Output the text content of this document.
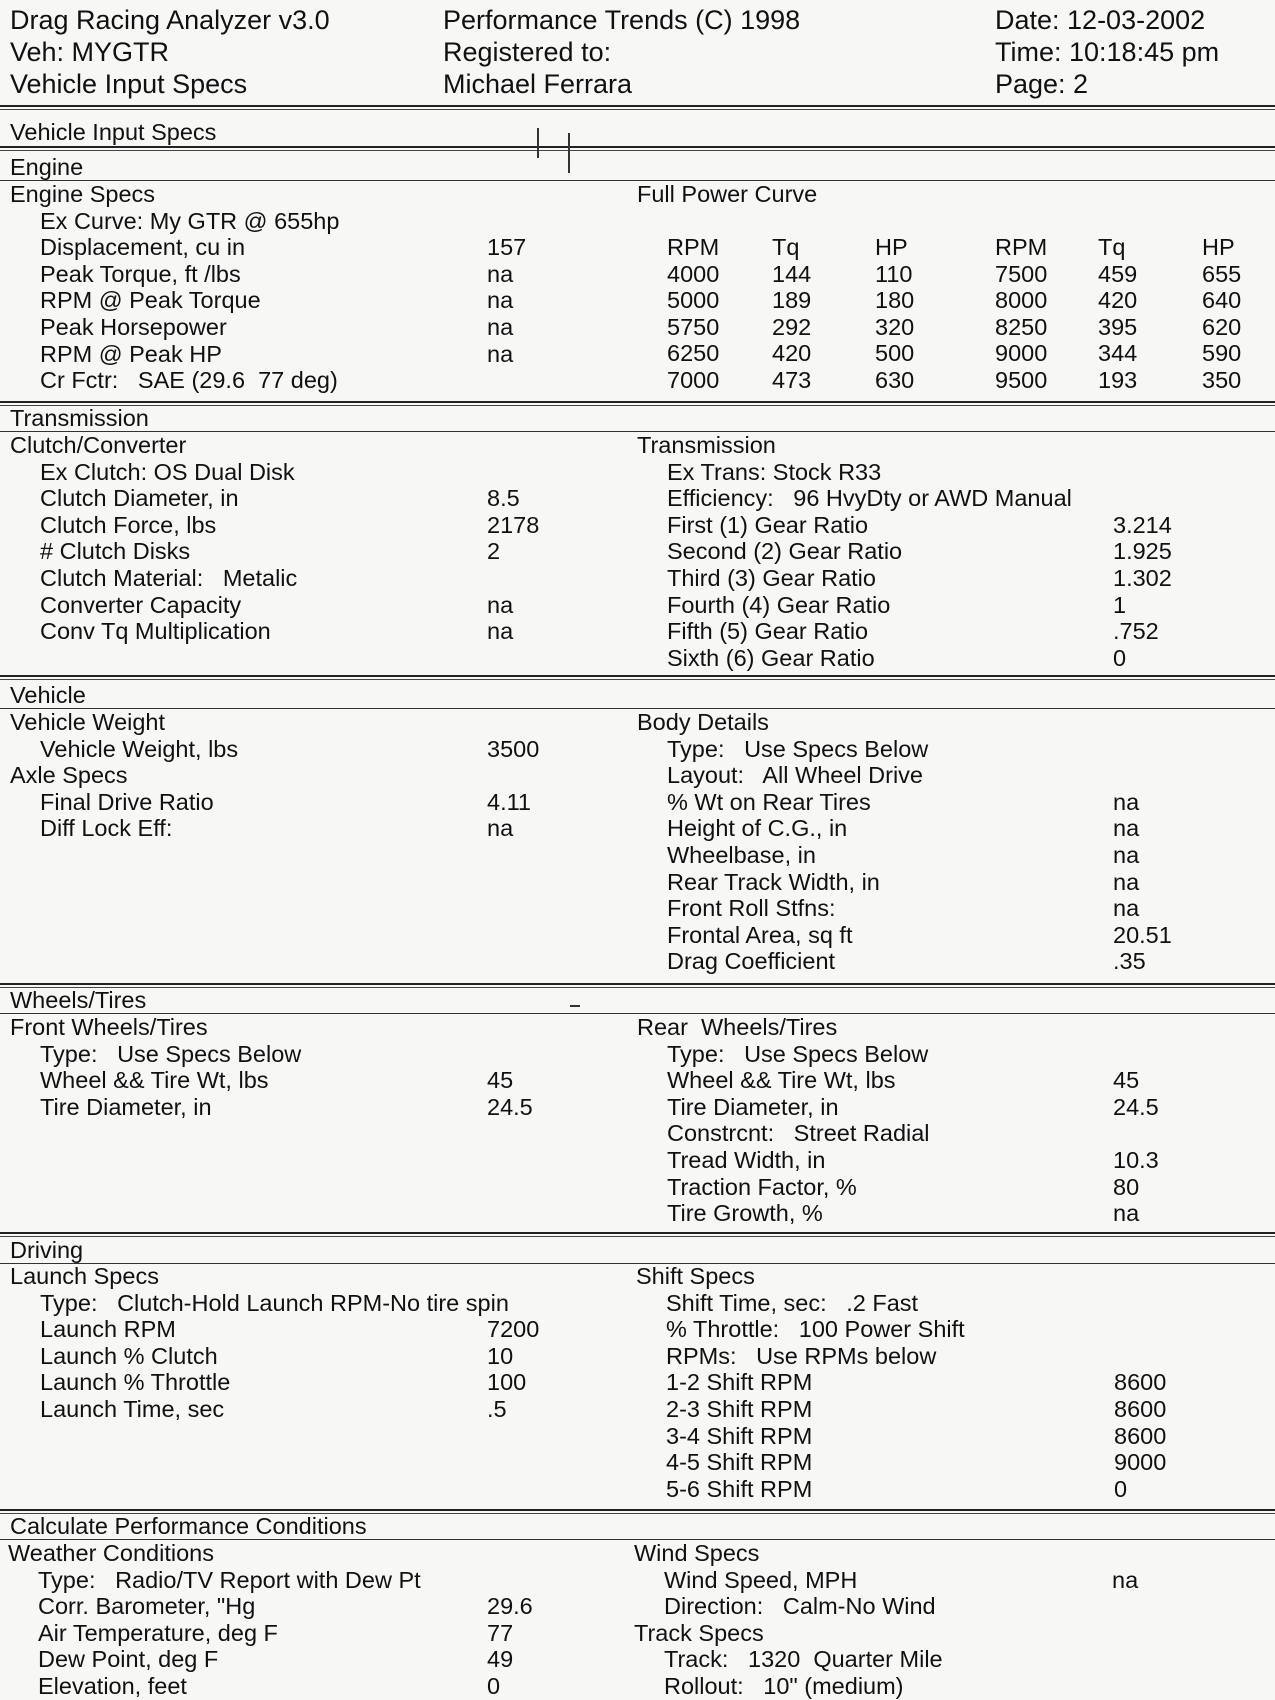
Drag Racing Analyzer v3.0
Veh: MYGTR
Vehicle Input Specs
Performance Trends (C) 1998
Registered to:
Michael Ferrara
Date: 12-03-2002
Time: 10:18:45 pm
Page: 2
Vehicle Input Specs
Engine
Engine Specs
Ex Curve: My GTR @ 655hp
Displacement, cu in	157
Peak Torque, ft /lbs	na
RPM @ Peak Torque	na
Peak Horsepower	na
RPM @ Peak HP	na
Cr Fctr:   SAE (29.6  77 deg)
Full Power Curve
RPM Tq	HP	RPM Tq	HP
4000 144	110	7500 459	655
5000 189	180	8000 420	640
5750 292	320	8250 395	620
6250 420	500	9000 344	590
7000 473	630	9500 193	350
Transmission
Clutch/Converter
Ex Clutch: OS Dual Disk
Clutch Diameter, in	8.5
Clutch Force, lbs	2178
# Clutch Disks	2
Clutch Material:   Metalic
Converter Capacity	na
Conv Tq Multiplication	na
Transmission
Ex Trans: Stock R33
Efficiency:   96 HvyDty or AWD Manual
First (1) Gear Ratio	3.214
Second (2) Gear Ratio	1.925
Third (3) Gear Ratio	1.302
Fourth (4) Gear Ratio	1
Fifth (5) Gear Ratio	.752
Sixth (6) Gear Ratio	0
Vehicle
Vehicle Weight
Vehicle Weight, lbs	3500
Axle Specs
Final Drive Ratio	4.11
Diff Lock Eff:	na
Body Details
Type:   Use Specs Below
Layout:   All Wheel Drive
% Wt on Rear Tires	na
Height of C.G., in	na
Wheelbase, in	na
Rear Track Width, in	na
Front Roll Stfns:	na
Frontal Area, sq ft	20.51
Drag Coefficient	.35
Wheels/Tires
Front Wheels/Tires
Type:   Use Specs Below
Wheel && Tire Wt, lbs	45
Tire Diameter, in	24.5
Rear  Wheels/Tires
Type:   Use Specs Below
Wheel && Tire Wt, lbs	45
Tire Diameter, in	24.5
Constrcnt:   Street Radial
Tread Width, in	10.3
Traction Factor, %	80
Tire Growth, %	na
Driving
Launch Specs
Type:   Clutch-Hold Launch RPM-No tire spin
Launch RPM	7200
Launch % Clutch	10
Launch % Throttle	100
Launch Time, sec	.5
Shift Specs
Shift Time, sec:   .2 Fast
% Throttle:   100 Power Shift
RPMs:   Use RPMs below
1-2 Shift RPM	8600
2-3 Shift RPM	8600
3-4 Shift RPM	8600
4-5 Shift RPM	9000
5-6 Shift RPM	0
Calculate Performance Conditions
Weather Conditions
Type:   Radio/TV Report with Dew Pt
Corr. Barometer, "Hg	29.6
Air Temperature, deg F	77
Dew Point, deg F	49
Elevation, feet	0
Wind Specs
Wind Speed, MPH	na
Direction:   Calm-No Wind
Track Specs
Track:   1320  Quarter Mile
Rollout:   10" (medium)
